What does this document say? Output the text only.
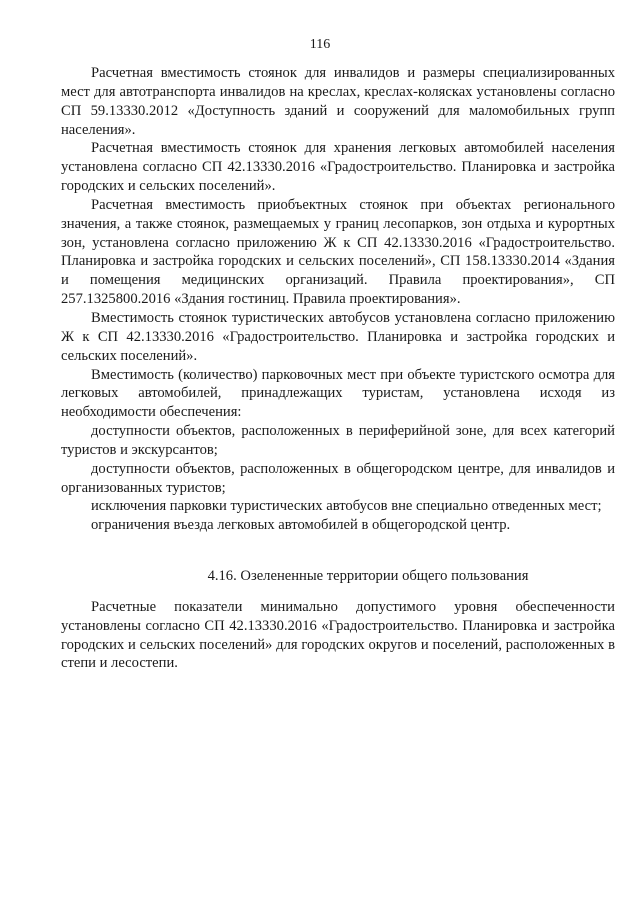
116

Расчетная вместимость стоянок для инвалидов и размеры специализированных мест для автотранспорта инвалидов на креслах, креслах-колясках установлены согласно СП 59.13330.2012 «Доступность зданий и сооружений для маломобильных групп населения».

Расчетная вместимость стоянок для хранения легковых автомобилей населения установлена согласно СП 42.13330.2016 «Градостроительство. Планировка и застройка городских и сельских поселений».

Расчетная вместимость приобъектных стоянок при объектах регионального значения, а также стоянок, размещаемых у границ лесопарков, зон отдыха и курортных зон, установлена согласно приложению Ж к СП 42.13330.2016 «Градостроительство. Планировка и застройка городских и сельских поселений», СП 158.13330.2014 «Здания и помещения медицинских организаций. Правила проектирования», СП 257.1325800.2016 «Здания гостиниц. Правила проектирования».

Вместимость стоянок туристических автобусов установлена согласно приложению Ж к СП 42.13330.2016 «Градостроительство. Планировка и застройка городских и сельских поселений».

Вместимость (количество) парковочных мест при объекте туристского осмотра для легковых автомобилей, принадлежащих туристам, установлена исходя из необходимости обеспечения:

доступности объектов, расположенных в периферийной зоне, для всех категорий туристов и экскурсантов;

доступности объектов, расположенных в общегородском центре, для инвалидов и организованных туристов;

исключения парковки туристических автобусов вне специально отведенных мест;

ограничения въезда легковых автомобилей в общегородской центр.

4.16. Озелененные территории общего пользования

Расчетные показатели минимально допустимого уровня обеспеченности установлены согласно СП 42.13330.2016 «Градостроительство. Планировка и застройка городских и сельских поселений» для городских округов и поселений, расположенных в степи и лесостепи.
